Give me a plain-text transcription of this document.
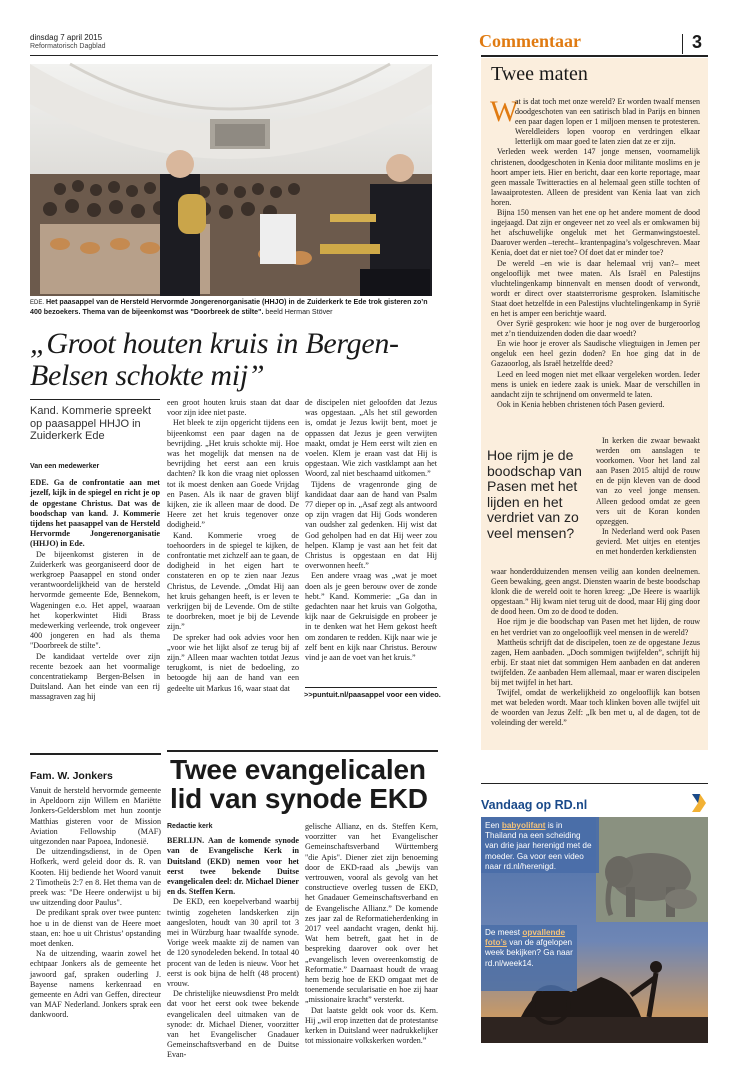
dinsdag 7 april 2015
Reformatorisch Dagblad	Commentaar	3
EDE. Het paasappel van de Hersteld Hervormde Jongerenorganisatie (HHJO) in de Zuiderkerk te Ede trok gisteren zo’n 400 bezoekers. Thema van de bijeenkomst was "Doorbreek de stilte". beeld Herman Stöver
„Groot houten kruis in Bergen-Belsen schokte mij”
Kand. Kommerie spreekt op paasappel HHJO in Zuiderkerk Ede
Van een medewerker

EDE. Ga de confrontatie aan met jezelf, kijk in de spiegel en richt je op de opgestane Christus. Dat was de boodschap van kand. J. Kommerie tijdens het paasappel van de Hersteld Hervormde Jongerenorganisatie (HHJO) in Ede.

De bijeenkomst gisteren in de Zuiderkerk was georganiseerd door de werkgroep Paasappel en stond onder verantwoordelijkheid van de hersteld hervormde gemeente Ede, Bennekom, Wageningen e.o. Het appel, waaraan het koperkwintet Hidi Brass medewerking verleende, trok ongeveer 400 jongeren en had als thema "Doorbreek de stilte".

De kandidaat vertelde over zijn recente bezoek aan het voormalige concentratiekamp Bergen-Belsen in Duitsland. Aan het einde van een rij massagraven zag hij

een groot houten kruis staan dat daar voor zijn idee niet paste.

Het bleek te zijn opgericht tijdens een bijeenkomst een paar dagen na de bevrijding. „Het kruis schokte mij. Hoe was het mogelijk dat mensen na de bevrijding het eerst aan een kruis dachten? Ik kon die vraag niet oplossen tot ik moest denken aan Goede Vrijdag en Pasen. Als ik naar de graven blijf kijken, zie ik alleen maar de dood. De Heere zet het kruis tegenover onze dodigheid.”

Kand. Kommerie vroeg de toehoorders in de spiegel te kijken, de confrontatie met zichzelf aan te gaan, de dodigheid in het eigen hart te constateren en op te zien naar Jezus Christus, de Levende. „Omdat Hij aan het kruis gehangen heeft, is er leven te verkrijgen bij de Levende. Om de stilte te doorbreken, moet je bij de Levende zijn.”

De spreker had ook advies voor hen „voor wie het lijkt alsof ze terug bij af zijn.” Alleen maar wachten totdat Jezus terugkomt, is niet de bedoeling, zo betoogde hij aan de hand van een gedeelte uit Markus 16, waar staat dat

de discipelen niet geloofden dat Jezus was opgestaan. „Als het stil geworden is, omdat je Jezus kwijt bent, moet je oppassen dat Jezus je geen verwijten maakt, omdat je Hem eerst wilt zien en voelen. Klem je eraan vast dat Hij is opgestaan. Wie zich vastklampt aan het Woord, zal niet beschaamd uitkomen.”

Tijdens de vragenronde ging de kandidaat daar aan de hand van Psalm 77 dieper op in. „Asaf zegt als antwoord op zijn vragen dat Hij Gods wonderen van oudsher zal gedenken. Hij wist dat God geholpen had en dat Hij weer zou helpen. Klamp je vast aan het feit dat Christus is opgestaan en dat Hij overwonnen heeft.”

Een andere vraag was „wat je moet doen als je geen berouw over de zonde hebt.” Kand. Kommerie: „Ga dan in gedachten naar het kruis van Golgotha, kijk naar de Gekruisigde en probeer je in te denken wat het Hem gekost heeft om zondaren te redden. Kijk naar wie je zelf bent en kijk naar Christus. Berouw vind je aan de voet van het kruis.”

>>puntuit.nl/paasappel voor een video.
Fam. W. Jonkers

Vanuit de hersteld hervormde gemeente in Apeldoorn zijn Willem en Mariëtte Jonkers-Geldersblom met hun zoontje Matthias gisteren voor de Mission Aviation Fellowship (MAF) uitgezonden naar Papoea, Indonesië.

De uitzendingsdienst, in de Open Hofkerk, werd geleid door ds. R. van Kooten. Hij bediende het Woord vanuit 2 Timotheüs 2:7 en 8. Het thema van de preek was: "De Heere onderwijst u bij uw uitzending door Paulus".

De predikant sprak over twee punten: hoe u in de dienst van de Heere moet staan, en: hoe u uit Christus’ opstanding moet denken.

Na de uitzending, waarin zowel het echtpaar Jonkers als de gemeente het jawoord gaf, spraken ouderling J. Bayense namens kerkenraad en gemeente en Adri van Geffen, directeur van MAF Nederland. Jonkers sprak een dankwoord.

Twee evangelicalen lid van synode EKD
Redactie kerk

BERLIJN. Aan de komende synode van de Evangelische Kerk in Duitsland (EKD) nemen voor het eerst twee bekende Duitse evangelicalen deel: dr. Michael Diener en ds. Steffen Kern.

De EKD, een koepelverband waarbij twintig zogeheten landskerken zijn aangesloten, houdt van 30 april tot 3 mei in Würzburg haar twaalfde synode. Vorige week maakte zij de namen van de 120 synodeleden bekend. In totaal 40 procent van de leden is nieuw. Voor het eerst is ook bijna de helft (48 procent) vrouw.

De christelijke nieuwsdienst Pro meldt dat voor het eerst ook twee bekende evangelicalen deel uitmaken van de synode: dr. Michael Diener, voorzitter van het Evangelischer Gnadauer Gemeinschaftsverband en de Duitse Evan-

gelische Allianz, en ds. Steffen Kern, voorzitter van het Evangelischer Gemeinschaftsverband Württemberg "die Apis". Diener ziet zijn benoeming door de EKD-raad als „bewijs van vertrouwen, vooral als gevolg van het constructieve overleg tussen de EKD, het Gnadauer Gemeinschaftsverband en de Evangelische Allianz.” De komende zes jaar zal de Reformatieherdenking in 2017 veel aandacht vragen, denkt hij. Wat hem betreft, gaat het in de bespreking daarover ook over het „evangelisch leven overeenkomstig de Reformatie.” Daarnaast houdt de vraag hem bezig hoe de EKD omgaat met de toenemende secularisatie en hoe zij haar „missionaire kracht” versterkt.

Dat laatste geldt ook voor ds. Kern. Hij „wil erop inzetten dat de protestantse kerken in Duitsland weer nadrukkelijker tot missionaire volkskerken worden.”

Twee maten
W

at is dat toch met onze wereld? Er worden twaalf mensen doodgeschoten van een satirisch blad in Parijs en binnen een paar dagen lopen er 1 miljoen mensen te protesteren. Wereldleiders lopen voorop en verdringen elkaar letterlijk om maar goed te laten zien dat ze er zijn.

Verleden week werden 147 jonge mensen, voornamelijk christenen, doodgeschoten in Kenia door militante moslims en je hoort amper iets. Hier en bericht, daar een korte reportage, maar geen massale Twitteracties en al helemaal geen stille tochten of lawaaiprotesten. Alleen de president van Kenia laat van zich horen.

Bijna 150 mensen van het ene op het andere moment de dood ingejaagd. Dat zijn er ongeveer net zo veel als er omkwamen bij het afschuwelijke ongeluk met het Germanwingstoestel. Daarover werden –terecht– krantenpagina’s volgeschreven. Maar Kenia, doet dat er niet toe? Of doet dat er minder toe?

De wereld –en wie is daar helemaal vrij van?– meet ongelooflijk met twee maten. Als Israël en Palestijns vluchtelingenkamp binnenvalt en mensen doodt of verwondt, wordt er direct over staatsterrorisme gesproken. Islamitische Staat doet hetzelfde in een Palestijns vluchtelingenkamp in Syrië en het is amper een berichtje waard.

Over Syrië gesproken: wie hoor je nog over de burgeroorlog met z’n tienduizenden doden die daar woedt?

En wie hoor je erover als Saudische vliegtuigen in Jemen per ongeluk een heel gezin doden? En hoe ging dat in de Gazaoorlog, als Israël hetzelfde deed?

Leed en leed mogen niet met elkaar vergeleken worden. Ieder mens is uniek en iedere zaak is uniek. Maar de verschillen in aandacht zijn te schrijnend om onvermeld te laten.

Ook in Kenia hebben christenen tóch Pasen gevierd.

Hoe rijm je de boodschap van Pasen met het lijden en het verdriet van zo veel mensen?

In kerken die zwaar bewaakt werden om aanslagen te voorkomen. Voor het land zal aan Pasen 2015 altijd de rouw en de pijn kleven van de dood van zo veel jonge mensen. Alleen gedood omdat ze geen vers uit de Koran konden opzeggen.

In Nederland werd ook Pasen gevierd. Met uitjes en etentjes en met honderden kerkdiensten

waar honderdduizenden mensen veilig aan konden deelnemen. Geen bewaking, geen angst. Diensten waarin de beste boodschap klonk die de wereld ooit te horen kreeg: „De Heere is waarlijk opgestaan.” Hij kwam niet terug uit de dood, maar Hij ging door de dood heen. Om zo de dood te doden.

Hoe rijm je die boodschap van Pasen met het lijden, de rouw en het verdriet van zo ongelooflijk veel mensen in de wereld?

Mattheüs schrijft dat de discipelen, toen ze de opgestane Jezus zagen, Hem aanbaden. „Doch sommigen twijfelden”, schrijft hij erbij. Er staat niet dat sommigen Hem aanbaden en dat anderen twijfelden. Ze aanbaden Hem allemaal, maar er waren discipelen bij met twijfel in het hart.

Twijfel, omdat de werkelijkheid zo ongelooflijk kan botsen met wat beleden wordt. Maar toch klinken boven alle twijfel uit de woorden van Jezus Zelf: „Ik ben met u, al de dagen, tot de voleinding der wereld.”

Vandaag op RD.nl
Een babyolifant is in Thailand na een scheiding van drie jaar herenigd met de moeder. Ga voor een video naar rd.nl/herenigd.
De meest opvallende foto’s van de afgelopen week bekijken? Ga naar rd.nl/week14.
